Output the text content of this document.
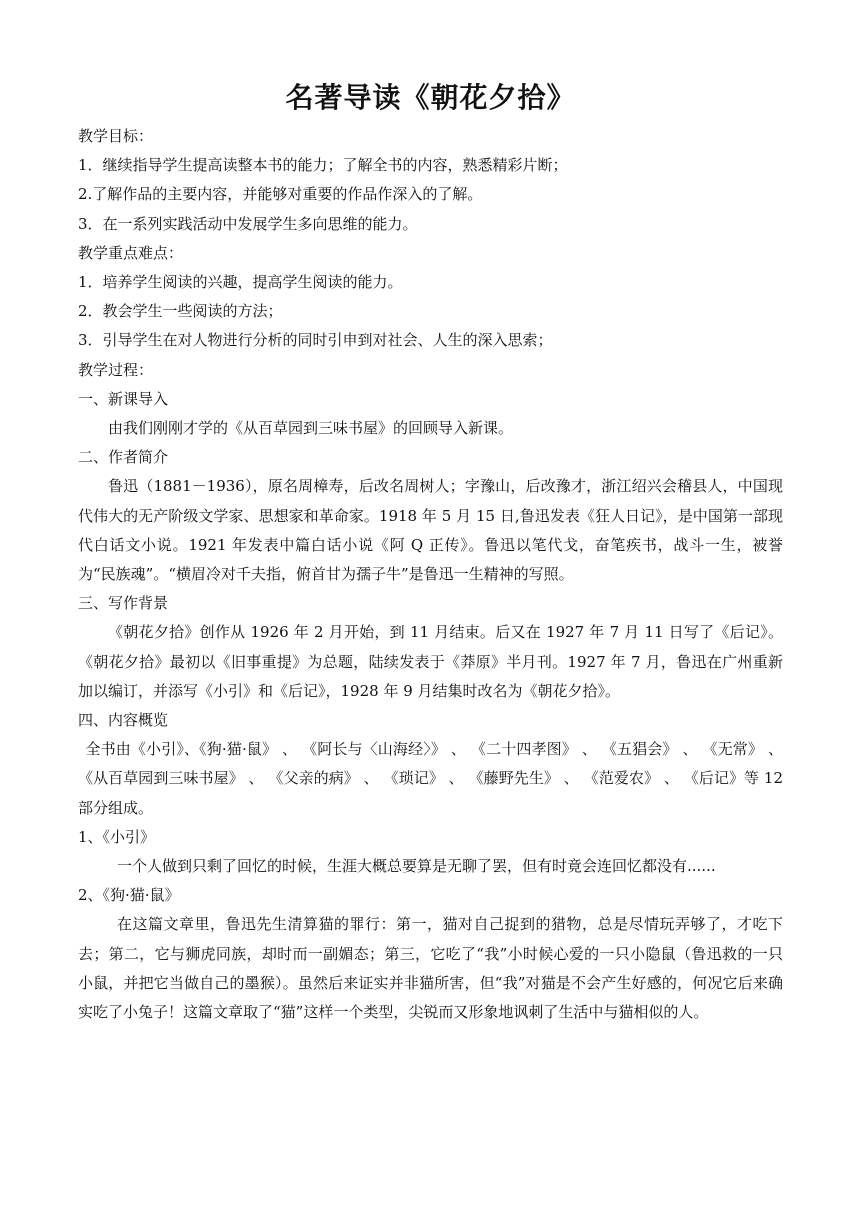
名著导读《朝花夕拾》

教学目标：

1．继续指导学生提高读整本书的能力；了解全书的内容，熟悉精彩片断；

2.了解作品的主要内容，并能够对重要的作品作深入的了解。

3．在一系列实践活动中发展学生多向思维的能力。

教学重点难点：

1．培养学生阅读的兴趣，提高学生阅读的能力。

2．教会学生一些阅读的方法；

3．引导学生在对人物进行分析的同时引申到对社会、人生的深入思索；

教学过程：

一、新课导入

由我们刚刚才学的《从百草园到三味书屋》的回顾导入新课。

二、作者简介

鲁迅（1881－1936），原名周樟寿，后改名周树人；字豫山，后改豫才，浙江绍兴会稽县人，中国现代伟大的无产阶级文学家、思想家和革命家。1918 年 5 月 15 日,鲁迅发表《狂人日记》，是中国第一部现代白话文小说。1921 年发表中篇白话小说《阿 Q 正传》。鲁迅以笔代戈，奋笔疾书，战斗一生，被誉为“民族魂”。“横眉冷对千夫指，俯首甘为孺子牛”是鲁迅一生精神的写照。

三、写作背景

《朝花夕拾》创作从 1926 年 2 月开始，到 11 月结束。后又在 1927 年 7 月 11 日写了《后记》。《朝花夕拾》最初以《旧事重提》为总题，陆续发表于《莽原》半月刊。1927 年 7 月，鲁迅在广州重新加以编订，并添写《小引》和《后记》，1928 年 9 月结集时改名为《朝花夕拾》。

四、内容概览

全书由《小引》、《狗·猫·鼠》 、 《阿长与〈山海经〉》 、 《二十四孝图》 、 《五猖会》 、 《无常》 、 《从百草园到三味书屋》 、 《父亲的病》 、 《琐记》 、 《藤野先生》 、 《范爱农》 、 《后记》等 12 部分组成。

1、《小引》

一个人做到只剩了回忆的时候，生涯大概总要算是无聊了罢，但有时竟会连回忆都没有......

2、《狗·猫·鼠》

在这篇文章里，鲁迅先生清算猫的罪行：第一，猫对自己捉到的猎物，总是尽情玩弄够了，才吃下去；第二，它与狮虎同族，却时而一副媚态；第三，它吃了“我”小时候心爱的一只小隐鼠（鲁迅救的一只小鼠，并把它当做自己的墨猴）。虽然后来证实并非猫所害，但“我”对猫是不会产生好感的，何况它后来确实吃了小兔子！这篇文章取了“猫”这样一个类型，尖锐而又形象地讽刺了生活中与猫相似的人。
